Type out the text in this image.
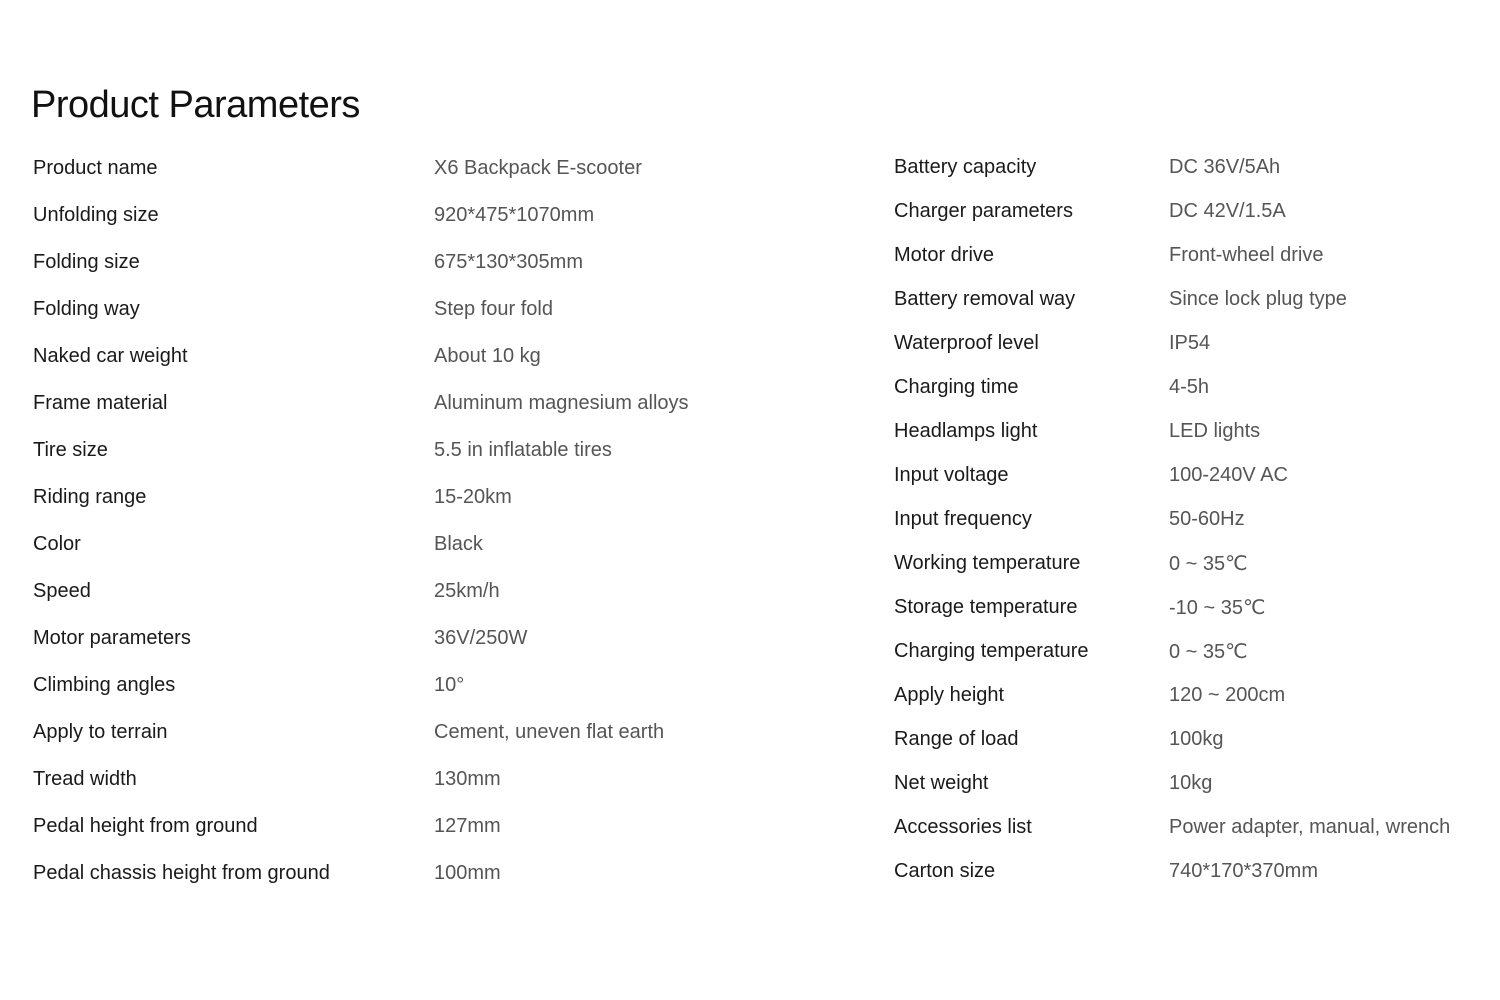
Product Parameters
Product name	X6 Backpack E-scooter
Unfolding size	920*475*1070mm
Folding size	675*130*305mm
Folding way	Step four fold
Naked car weight	About 10 kg
Frame material	Aluminum magnesium alloys
Tire size	5.5 in inflatable tires
Riding range	15-20km
Color	Black
Speed	25km/h
Motor parameters	36V/250W
Climbing angles	10°
Apply to terrain	Cement, uneven flat earth
Tread width	130mm
Pedal height from ground	127mm
Pedal chassis height from ground	100mm
Battery capacity	DC 36V/5Ah
Charger parameters	DC 42V/1.5A
Motor drive	Front-wheel drive
Battery removal way	Since lock plug type
Waterproof level	IP54
Charging time	4-5h
Headlamps light	LED lights
Input voltage	100-240V AC
Input frequency	50-60Hz
Working temperature	0 ~ 35℃
Storage temperature	-10 ~ 35℃
Charging temperature	0 ~ 35℃
Apply height	120 ~ 200cm
Range of load	100kg
Net weight	10kg
Accessories list	Power adapter, manual, wrench
Carton size	740*170*370mm
